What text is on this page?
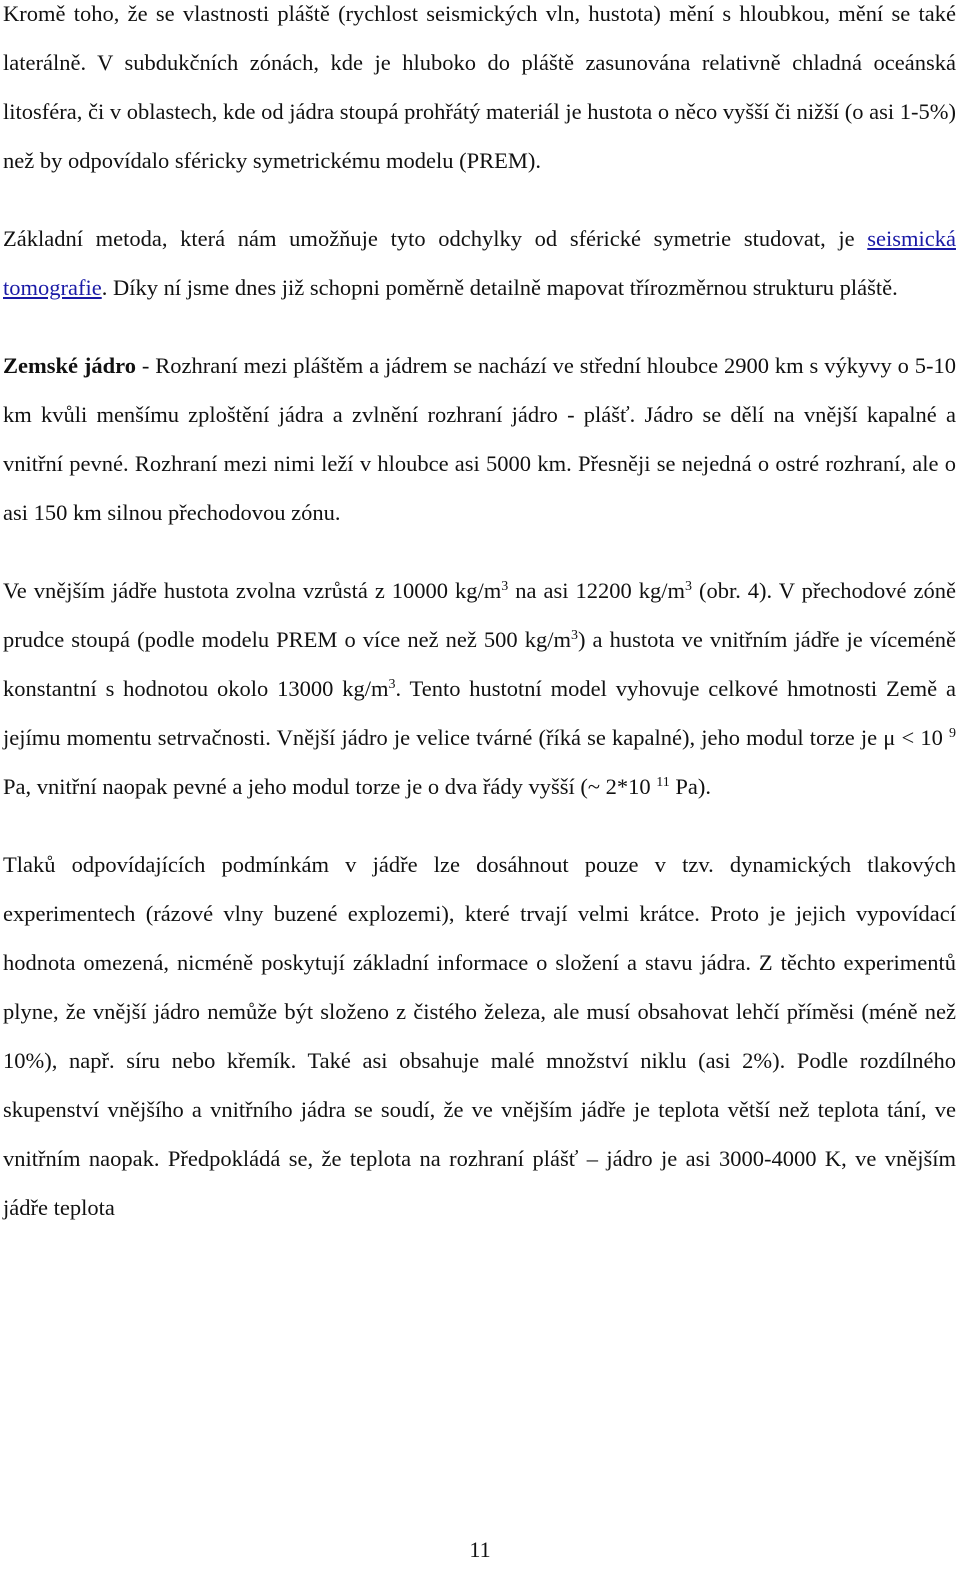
Kromě toho, že se vlastnosti pláště (rychlost seismických vln, hustota) mění s hloubkou, mění se také laterálně. V subdukčních zónách, kde je hluboko do pláště zasunována relativně chladná oceánská litosféra, či v oblastech, kde od jádra stoupá prohřátý materiál je hustota o něco vyšší či nižší (o asi 1-5%) než by odpovídalo sféricky symetrickému modelu (PREM).

Základní metoda, která nám umožňuje tyto odchylky od sférické symetrie studovat, je seismická tomografie. Díky ní jsme dnes již schopni poměrně detailně mapovat třírozměrnou strukturu pláště.

Zemské jádro - Rozhraní mezi pláštěm a jádrem se nachází ve střední hloubce 2900 km s výkyvy o 5-10 km kvůli menšímu zploštění jádra a zvlnění rozhraní jádro - plášť. Jádro se dělí na vnější kapalné a vnitřní pevné. Rozhraní mezi nimi leží v hloubce asi 5000 km. Přesněji se nejedná o ostré rozhraní, ale o asi 150 km silnou přechodovou zónu.

Ve vnějším jádře hustota zvolna vzrůstá z 10000 $kg/m^3$ na asi 12200 $kg/m^3$ (obr. 4). V přechodové zóně prudce stoupá (podle modelu PREM o více než než 500 $kg/m^3$) a hustota ve vnitřním jádře je víceméně konstantní s hodnotou okolo 13000 $kg/m^3$. Tento hustotní model vyhovuje celkové hmotnosti Země a jejímu momentu setrvačnosti. Vnější jádro je velice tvárné (říká se kapalné), jeho modul torze je μ < 10 $^9$ Pa, vnitřní naopak pevné a jeho modul torze je o dva řády vyšší (~ 2*10 $^{11}$ Pa).

Tlaků odpovídajících podmínkám v jádře lze dosáhnout pouze v tzv. dynamických tlakových experimentech (rázové vlny buzené explozemi), které trvají velmi krátce. Proto je jejich vypovídací hodnota omezená, nicméně poskytují základní informace o složení a stavu jádra. Z těchto experimentů plyne, že vnější jádro nemůže být složeno z čistého železa, ale musí obsahovat lehčí příměsi (méně než 10%), např. síru nebo křemík. Také asi obsahuje malé množství niklu (asi 2%). Podle rozdílného skupenství vnějšího a vnitřního jádra se soudí, že ve vnějším jádře je teplota větší než teplota tání, ve vnitřním naopak. Předpokládá se, že teplota na rozhraní plášť – jádro je asi 3000-4000 K, ve vnějším jádře teplota

11
